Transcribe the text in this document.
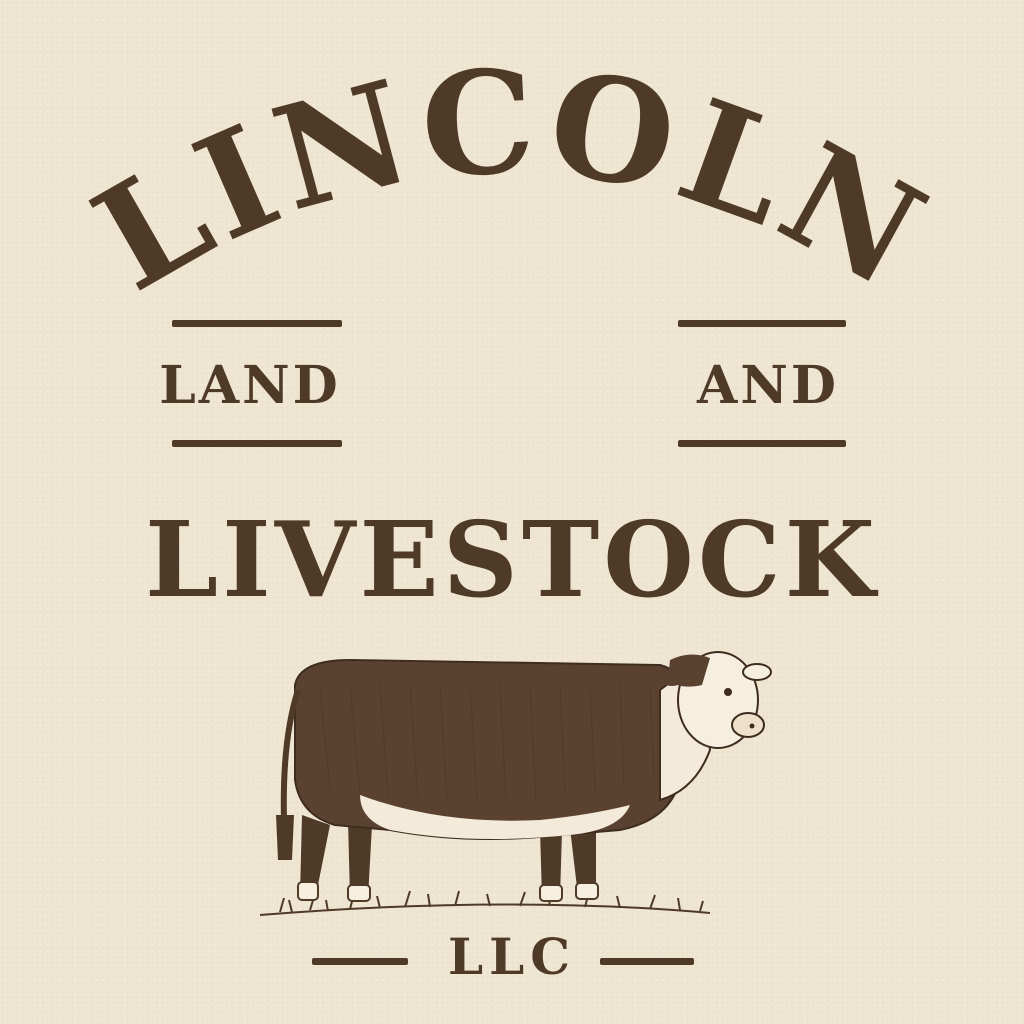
LINCOLN
LAND	AND
LIVESTOCK
LLC
